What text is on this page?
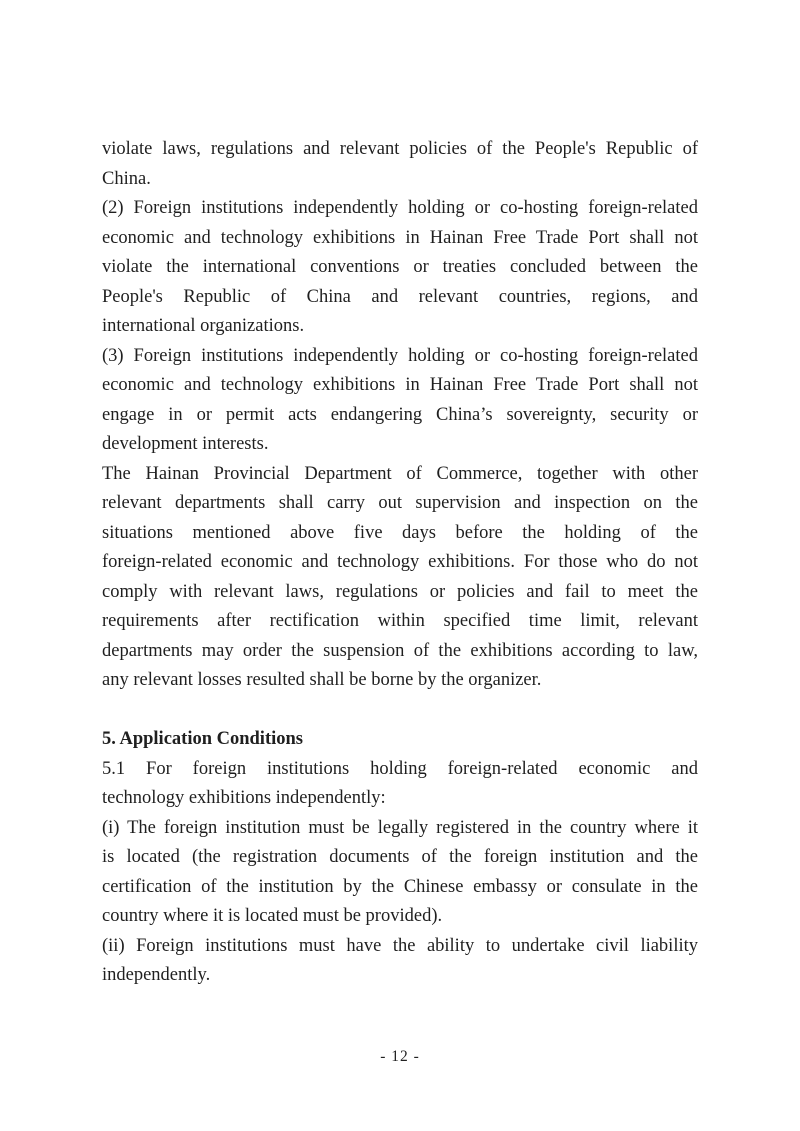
violate laws, regulations and relevant policies of the People's Republic of
China.
(2) Foreign institutions independently holding or co-hosting foreign-related
economic and technology exhibitions in Hainan Free Trade Port shall not
violate the international conventions or treaties concluded between the
People's Republic of China and relevant countries, regions, and
international organizations.
(3) Foreign institutions independently holding or co-hosting foreign-related
economic and technology exhibitions in Hainan Free Trade Port shall not
engage in or permit acts endangering China’s sovereignty, security or
development interests.
The Hainan Provincial Department of Commerce, together with other
relevant departments shall carry out supervision and inspection on the
situations mentioned above five days before the holding of the
foreign-related economic and technology exhibitions. For those who do not
comply with relevant laws, regulations or policies and fail to meet the
requirements after rectification within specified time limit, relevant
departments may order the suspension of the exhibitions according to law,
any relevant losses resulted shall be borne by the organizer.
5. Application Conditions
5.1 For foreign institutions holding foreign-related economic and
technology exhibitions independently:
(i) The foreign institution must be legally registered in the country where it
is located (the registration documents of the foreign institution and the
certification of the institution by the Chinese embassy or consulate in the
country where it is located must be provided).
(ii) Foreign institutions must have the ability to undertake civil liability
independently.
- 12 -
